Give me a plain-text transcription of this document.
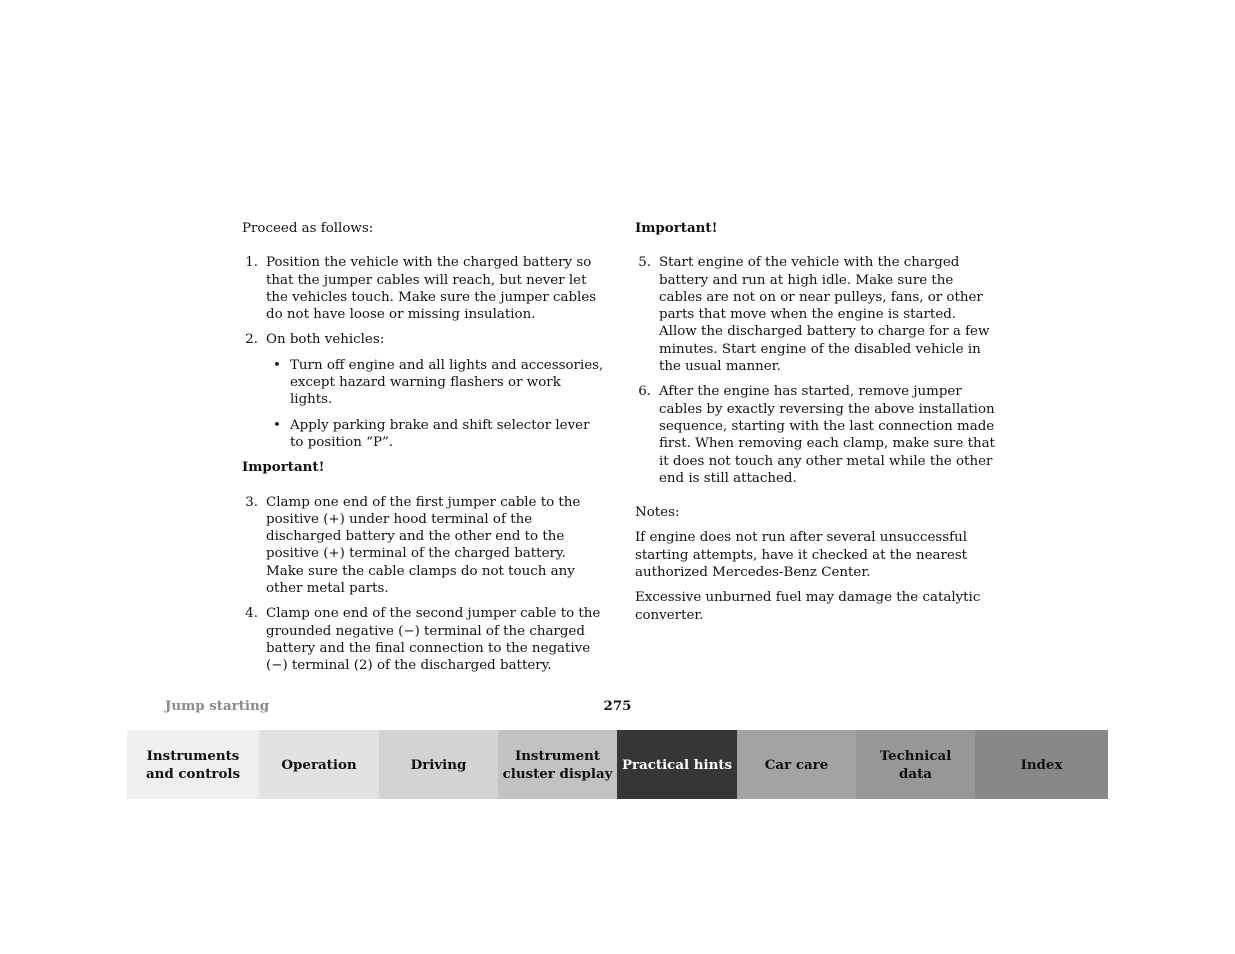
Proceed as follows:

1. Position the vehicle with the charged battery so that the jumper cables will reach, but never let the vehicles touch. Make sure the jumper cables do not have loose or missing insulation.
2. On both vehicles:
• Turn off engine and all lights and accessories, except hazard warning flashers or work lights.
• Apply parking brake and shift selector lever to position “P”.

Important!

3. Clamp one end of the first jumper cable to the positive (+) under hood terminal of the discharged battery and the other end to the positive (+) terminal of the charged battery. Make sure the cable clamps do not touch any other metal parts.
4. Clamp one end of the second jumper cable to the grounded negative (−) terminal of the charged battery and the final connection to the negative (−) terminal (2) of the discharged battery.

Important!

5. Start engine of the vehicle with the charged battery and run at high idle. Make sure the cables are not on or near pulleys, fans, or other parts that move when the engine is started. Allow the discharged battery to charge for a few minutes. Start engine of the disabled vehicle in the usual manner.
6. After the engine has started, remove jumper cables by exactly reversing the above installation sequence, starting with the last connection made first. When removing each clamp, make sure that it does not touch any other metal while the other end is still attached.

Notes:

If engine does not run after several unsuccessful starting attempts, have it checked at the nearest authorized Mercedes-Benz Center.

Excessive unburned fuel may damage the catalytic converter.

Jump starting	275
Instruments
and controls
Operation	Driving
Instrument
cluster display
Practical hints Car care
Technical
data
Index
